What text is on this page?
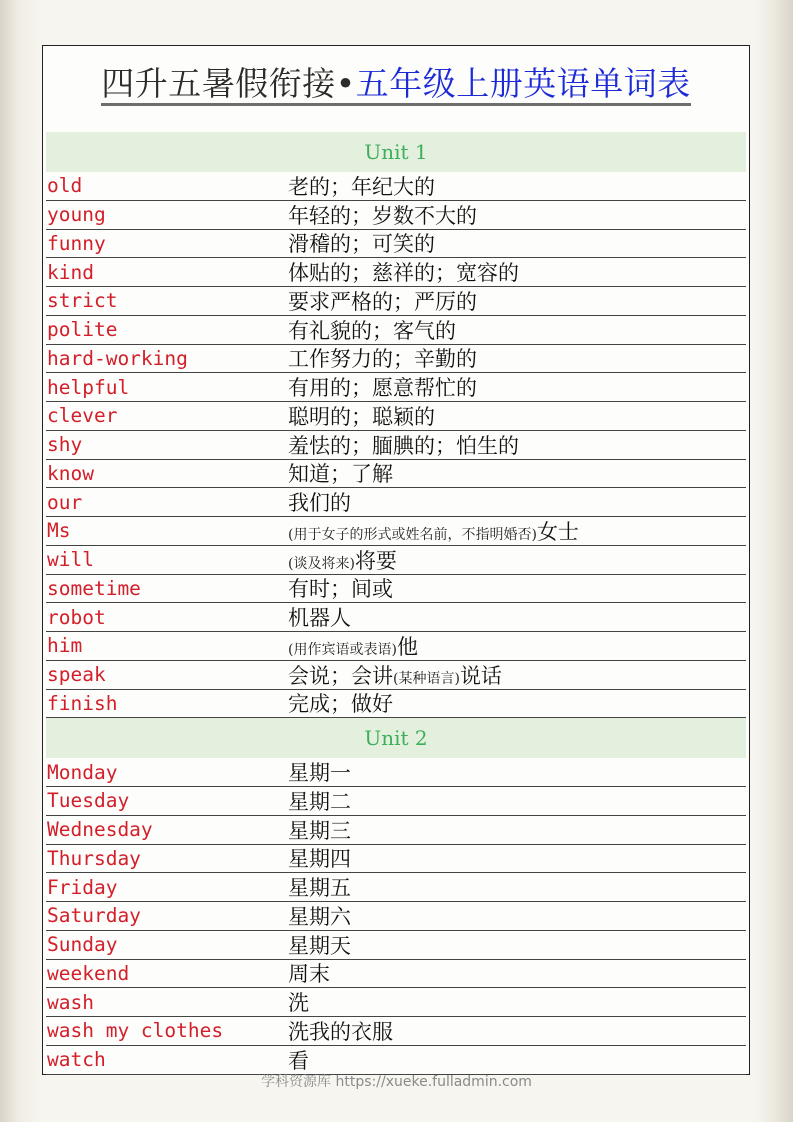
四升五暑假衔接•五年级上册英语单词表
Unit 1
old	老的；年纪大的
young	年轻的；岁数不大的
funny	滑稽的；可笑的
kind	体贴的；慈祥的；宽容的
strict	要求严格的；严厉的
polite	有礼貌的；客气的
hard-working	工作努力的；辛勤的
helpful	有用的；愿意帮忙的
clever	聪明的；聪颖的
shy	羞怯的；腼腆的；怕生的
know	知道；了解
our	我们的
Ms	(用于女子的形式或姓名前，不指明婚否)女士
will	(谈及将来)将要
sometime	有时；间或
robot	机器人
him	(用作宾语或表语)他
speak	会说；会讲(某种语言)说话
finish	完成；做好
Unit 2
Monday	星期一
Tuesday	星期二
Wednesday	星期三
Thursday	星期四
Friday	星期五
Saturday	星期六
Sunday	星期天
weekend	周末
wash	洗
wash my clothes	洗我的衣服
watch	看
学科资源库 https://xueke.fulladmin.com
